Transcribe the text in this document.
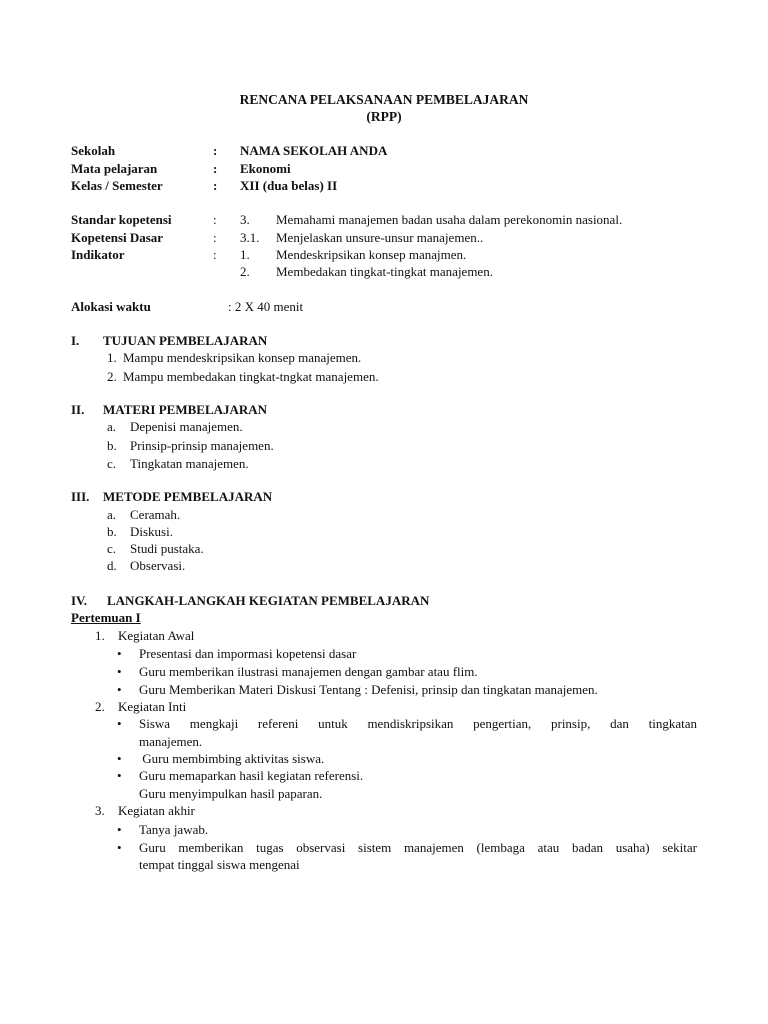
RENCANA PELAKSANAAN PEMBELAJARAN
(RPP)
Sekolah	: NAMA SEKOLAH ANDA
Mata pelajaran	: Ekonomi
Kelas / Semester	: XII (dua belas) II
Standar kopetensi	: 3. Memahami manajemen badan usaha dalam perekonomin nasional.
Kopetensi Dasar	: 3.1. Menjelaskan unsure-unsur manajemen..
Indikator	: 1. Mendeskripsikan konsep manajmen.
2. Membedakan tingkat-tingkat manajemen.
Alokasi waktu	: 2 X 40 menit
I. TUJUAN PEMBELAJARAN
1. Mampu mendeskripsikan konsep manajemen.
2. Mampu membedakan tingkat-tngkat manajemen.
II. MATERI PEMBELAJARAN
a. Depenisi manajemen.
b. Prinsip-prinsip manajemen.
c. Tingkatan manajemen.
III. METODE PEMBELAJARAN
a. Ceramah.
b. Diskusi.
c. Studi pustaka.
d. Observasi.
IV. LANGKAH-LANGKAH KEGIATAN PEMBELAJARAN
Pertemuan I
1. Kegiatan Awal
• Presentasi dan impormasi kopetensi dasar
• Guru memberikan ilustrasi manajemen dengan gambar atau flim.
• Guru Memberikan Materi Diskusi Tentang : Defenisi, prinsip dan tingkatan manajemen.
2. Kegiatan Inti
• Siswa mengkaji refereni untuk mendiskripsikan pengertian, prinsip, dan tingkatan
manajemen.
• Guru membimbing aktivitas siswa.
• Guru memaparkan hasil kegiatan referensi.
Guru menyimpulkan hasil paparan.
3. Kegiatan akhir
• Tanya jawab.
• Guru memberikan tugas observasi sistem manajemen (lembaga atau badan usaha) sekitar
tempat tinggal siswa mengenai
